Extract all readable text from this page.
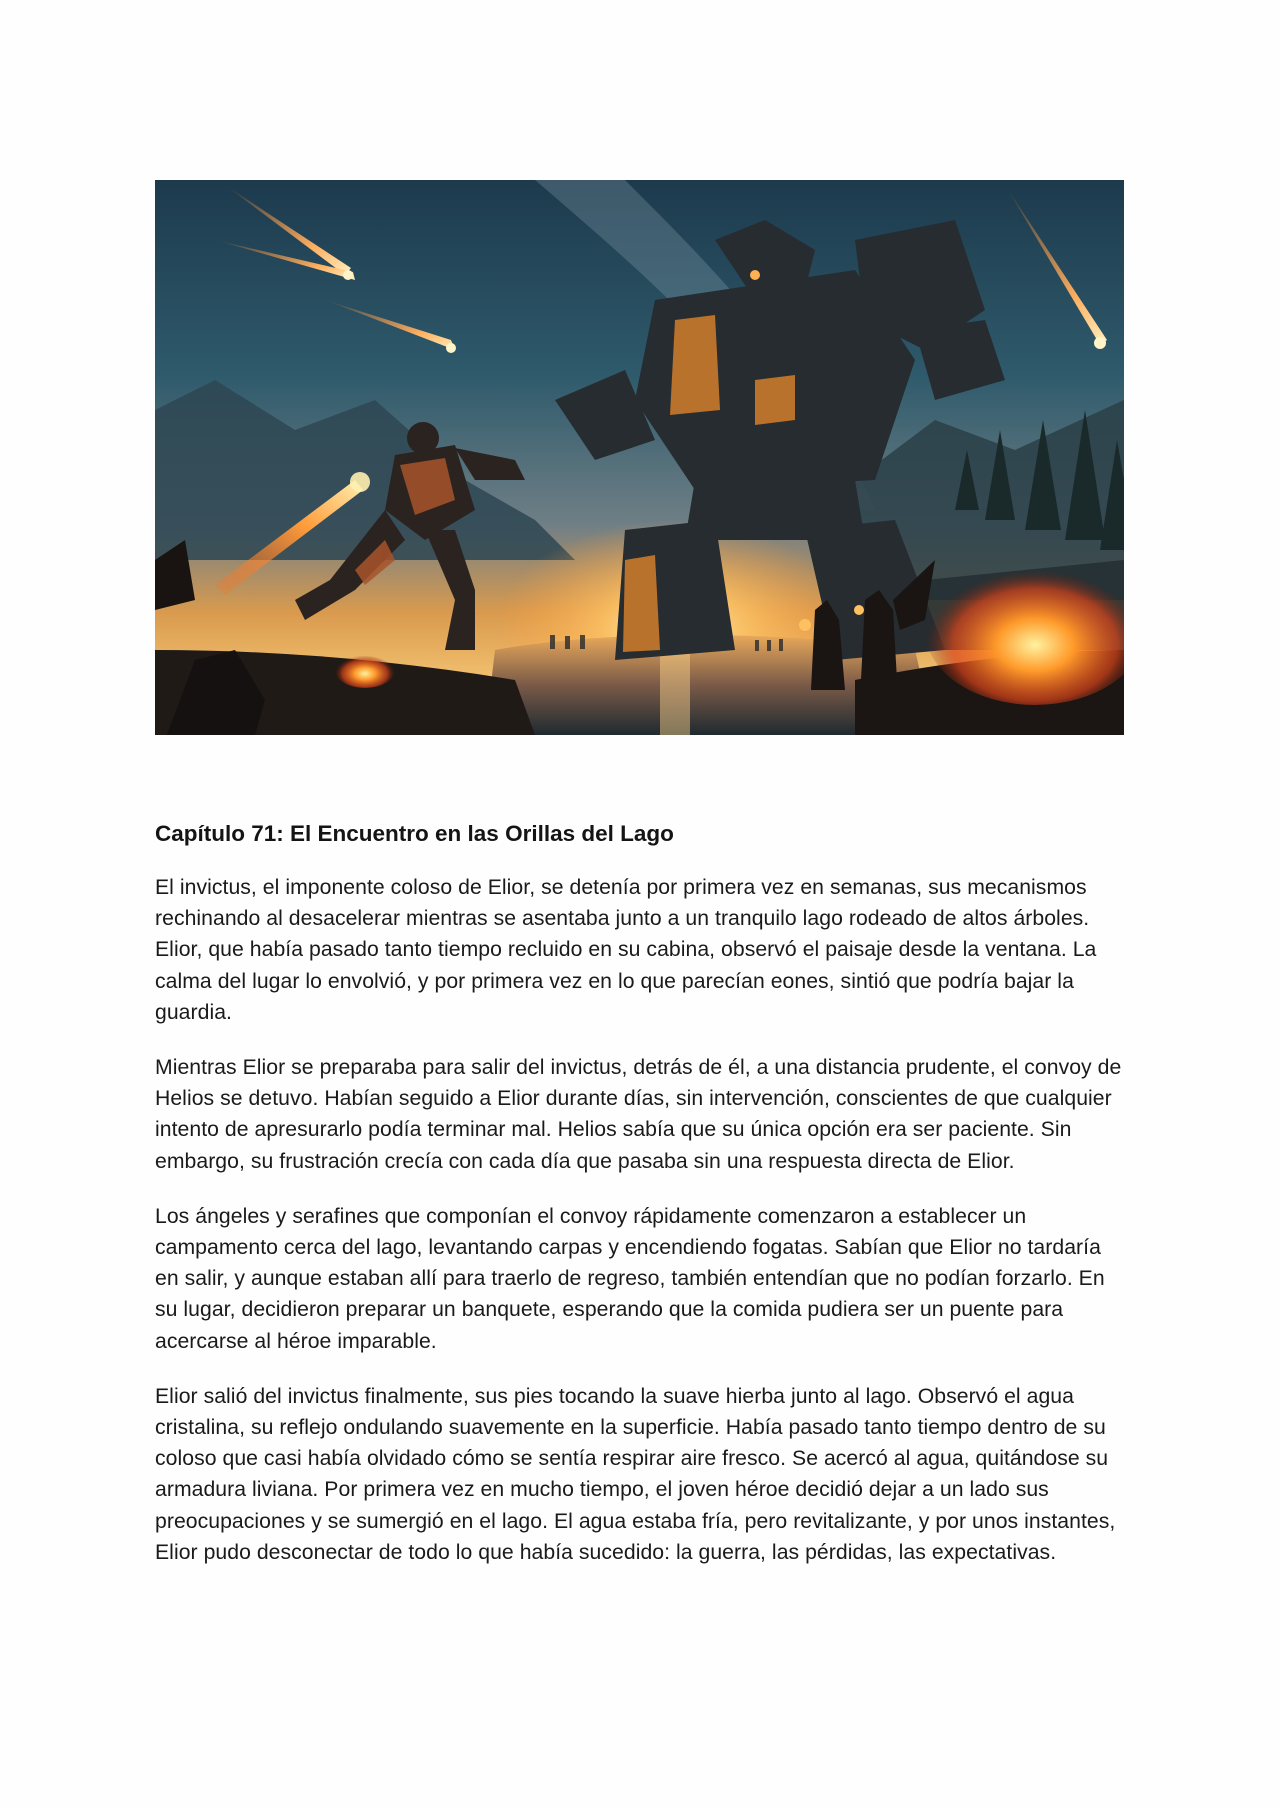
Capítulo 71: El Encuentro en las Orillas del Lago

El invictus, el imponente coloso de Elior, se detenía por primera vez en semanas, sus mecanismos rechinando al desacelerar mientras se asentaba junto a un tranquilo lago rodeado de altos árboles. Elior, que había pasado tanto tiempo recluido en su cabina, observó el paisaje desde la ventana. La calma del lugar lo envolvió, y por primera vez en lo que parecían eones, sintió que podría bajar la guardia.

Mientras Elior se preparaba para salir del invictus, detrás de él, a una distancia prudente, el convoy de Helios se detuvo. Habían seguido a Elior durante días, sin intervención, conscientes de que cualquier intento de apresurarlo podía terminar mal. Helios sabía que su única opción era ser paciente. Sin embargo, su frustración crecía con cada día que pasaba sin una respuesta directa de Elior.

Los ángeles y serafines que componían el convoy rápidamente comenzaron a establecer un campamento cerca del lago, levantando carpas y encendiendo fogatas. Sabían que Elior no tardaría en salir, y aunque estaban allí para traerlo de regreso, también entendían que no podían forzarlo. En su lugar, decidieron preparar un banquete, esperando que la comida pudiera ser un puente para acercarse al héroe imparable.

Elior salió del invictus finalmente, sus pies tocando la suave hierba junto al lago. Observó el agua cristalina, su reflejo ondulando suavemente en la superficie. Había pasado tanto tiempo dentro de su coloso que casi había olvidado cómo se sentía respirar aire fresco. Se acercó al agua, quitándose su armadura liviana. Por primera vez en mucho tiempo, el joven héroe decidió dejar a un lado sus preocupaciones y se sumergió en el lago. El agua estaba fría, pero revitalizante, y por unos instantes, Elior pudo desconectar de todo lo que había sucedido: la guerra, las pérdidas, las expectativas.
